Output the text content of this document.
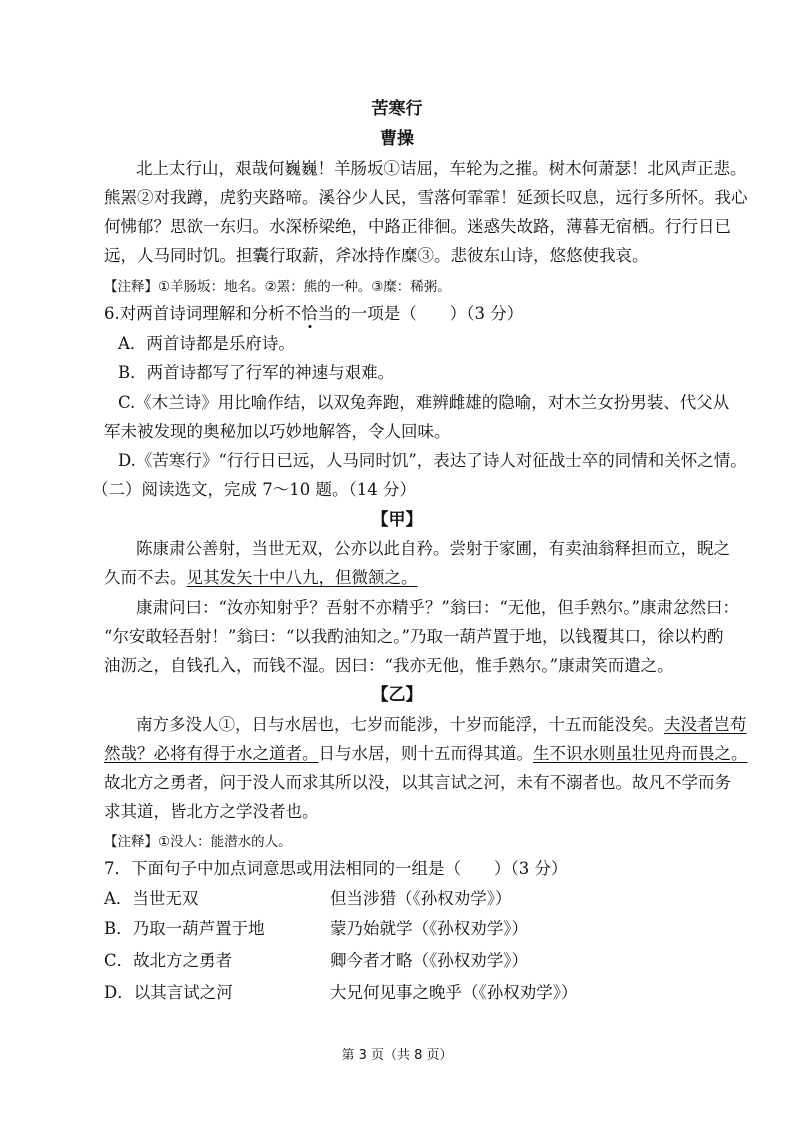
苦寒行
曹操
北上太行山，艰哉何巍巍！羊肠坂①诘屈，车轮为之摧。树木何萧瑟！北风声正悲。
熊罴②对我蹲，虎豹夹路啼。溪谷少人民，雪落何霏霏！延颈长叹息，远行多所怀。我心
何怫郁？思欲一东归。水深桥梁绝，中路正徘徊。迷惑失故路，薄暮无宿栖。行行日已
远，人马同时饥。担囊行取薪，斧冰持作糜③。悲彼东山诗，悠悠使我哀。
【注释】①羊肠坂：地名。②罴：熊的一种。③糜：稀粥。
6.对两首诗词理解和分析不恰当的一项是（　　）（3 分）
A．两首诗都是乐府诗。
B．两首诗都写了行军的神速与艰难。
C.《木兰诗》用比喻作结，以双兔奔跑，难辨雌雄的隐喻，对木兰女扮男装、代父从
军未被发现的奥秘加以巧妙地解答，令人回味。
D.《苦寒行》“行行日已远，人马同时饥”，表达了诗人对征战士卒的同情和关怀之情。
（二）阅读选文，完成 7～10 题。（14 分）
【甲】
陈康肃公善射，当世无双，公亦以此自矜。尝射于家圃，有卖油翁释担而立，睨之
久而不去。见其发矢十中八九，但微颔之。
康肃问曰：“汝亦知射乎？吾射不亦精乎？”翁曰：“无他，但手熟尔。”康肃忿然曰：
“尔安敢轻吾射！”翁曰：“以我酌油知之。”乃取一葫芦置于地，以钱覆其口，徐以杓酌
油沥之，自钱孔入，而钱不湿。因曰：“我亦无他，惟手熟尔。”康肃笑而遣之。
【乙】
南方多没人①，日与水居也，七岁而能涉，十岁而能浮，十五而能没矣。夫没者岂苟
然哉？必将有得于水之道者。日与水居，则十五而得其道。生不识水则虽壮见舟而畏之。
故北方之勇者，问于没人而求其所以没，以其言试之河，未有不溺者也。故凡不学而务
求其道，皆北方之学没者也。
【注释】①没人：能潜水的人。
7．下面句子中加点词意思或用法相同的一组是（　　）（3 分）
A．当世无双	但当涉猎（《孙权劝学》）
B．乃取一葫芦置于地	蒙乃始就学（《孙权劝学》）
C．故北方之勇者	卿今者才略（《孙权劝学》）
D．以其言试之河	大兄何见事之晚乎（《孙权劝学》）
第 3 页（共 8 页）
